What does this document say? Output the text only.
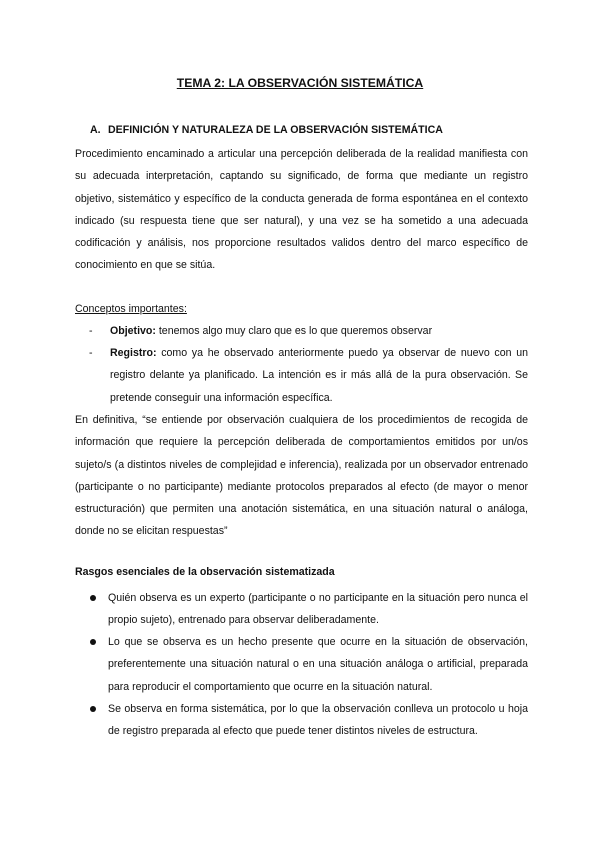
TEMA 2: LA OBSERVACIÓN SISTEMÁTICA
A. DEFINICIÓN Y NATURALEZA DE LA OBSERVACIÓN SISTEMÁTICA

Procedimiento encaminado a articular una percepción deliberada de la realidad manifiesta con su adecuada interpretación, captando su significado, de forma que mediante un registro objetivo, sistemático y específico de la conducta generada de forma espontánea en el contexto indicado (su respuesta tiene que ser natural), y una vez se ha sometido a una adecuada codificación y análisis, nos proporcione resultados validos dentro del marco específico de conocimiento en que se sitúa.

Conceptos importantes:

- Objetivo: tenemos algo muy claro que es lo que queremos observar

- Registro: como ya he observado anteriormente puedo ya observar de nuevo con un registro delante ya planificado. La intención es ir más allá de la pura observación. Se pretende conseguir una información específica.

En definitiva, “se entiende por observación cualquiera de los procedimientos de recogida de información que requiere la percepción deliberada de comportamientos emitidos por un/os sujeto/s (a distintos niveles de complejidad e inferencia), realizada por un observador entrenado (participante o no participante) mediante protocolos preparados al efecto (de mayor o menor estructuración) que permiten una anotación sistemática, en una situación natural o análoga, donde no se elicitan respuestas”

Rasgos esenciales de la observación sistematizada

Quién observa es un experto (participante o no participante en la situación pero nunca el propio sujeto), entrenado para observar deliberadamente.

Lo que se observa es un hecho presente que ocurre en la situación de observación, preferentemente una situación natural o en una situación análoga o artificial, preparada para reproducir el comportamiento que ocurre en la situación natural.

Se observa en forma sistemática, por lo que la observación conlleva un protocolo u hoja de registro preparada al efecto que puede tener distintos niveles de estructura.
